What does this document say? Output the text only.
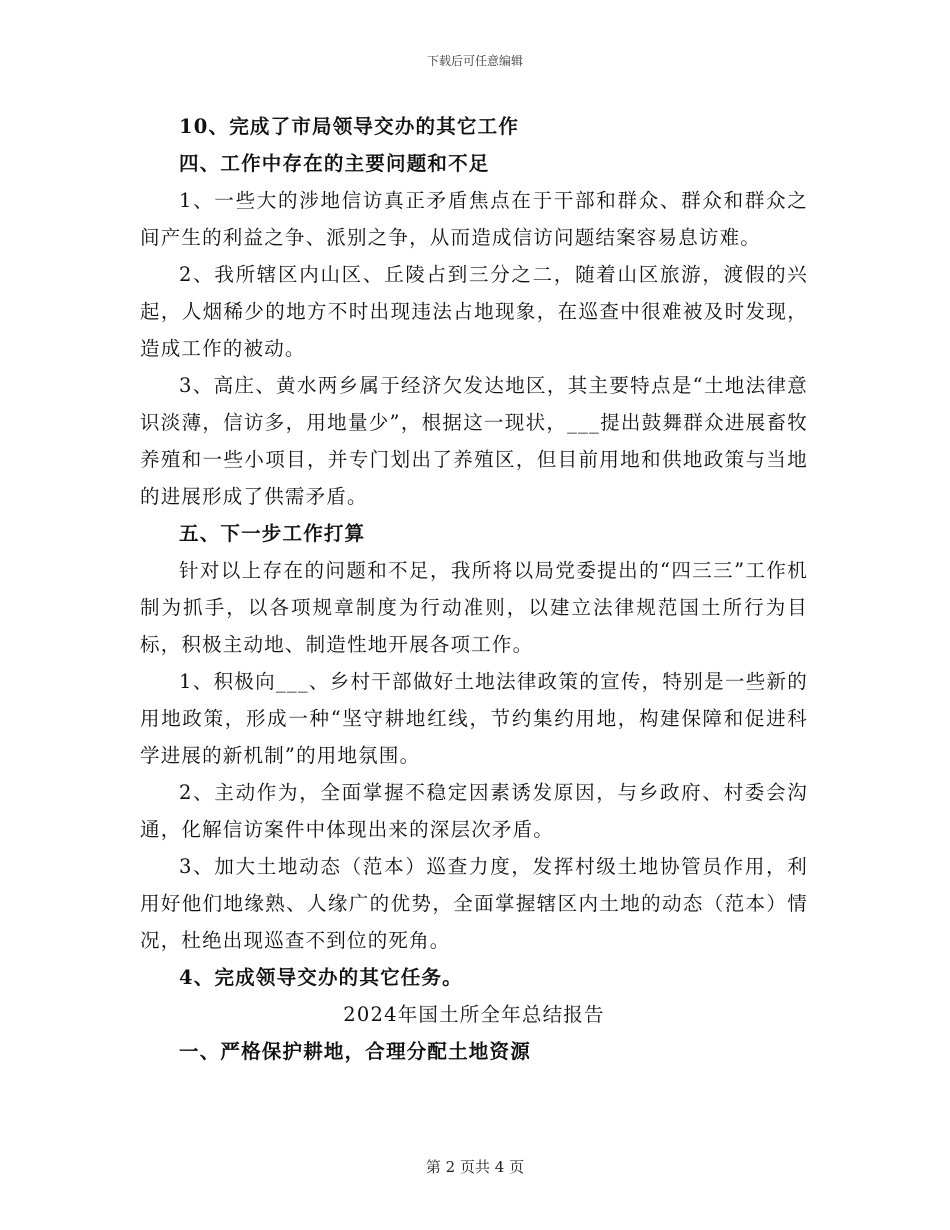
下载后可任意编辑

10、完成了市局领导交办的其它工作

四、工作中存在的主要问题和不足

1、一些大的涉地信访真正矛盾焦点在于干部和群众、群众和群众之间产生的利益之争、派别之争，从而造成信访问题结案容易息访难。

2、我所辖区内山区、丘陵占到三分之二，随着山区旅游，渡假的兴起，人烟稀少的地方不时出现违法占地现象，在巡查中很难被及时发现，造成工作的被动。

3、高庄、黄水两乡属于经济欠发达地区，其主要特点是“土地法律意识淡薄，信访多，用地量少”，根据这一现状，___提出鼓舞群众进展畜牧养殖和一些小项目，并专门划出了养殖区，但目前用地和供地政策与当地的进展形成了供需矛盾。

五、下一步工作打算

针对以上存在的问题和不足，我所将以局党委提出的“四三三”工作机制为抓手，以各项规章制度为行动准则，以建立法律规范国土所行为目标，积极主动地、制造性地开展各项工作。

1、积极向___、乡村干部做好土地法律政策的宣传，特别是一些新的用地政策，形成一种“坚守耕地红线，节约集约用地，构建保障和促进科学进展的新机制”的用地氛围。

2、主动作为，全面掌握不稳定因素诱发原因，与乡政府、村委会沟通，化解信访案件中体现出来的深层次矛盾。

3、加大土地动态（范本）巡查力度，发挥村级土地协管员作用，利用好他们地缘熟、人缘广的优势，全面掌握辖区内土地的动态（范本）情况，杜绝出现巡查不到位的死角。

4、完成领导交办的其它任务。

2024年国土所全年总结报告

一、严格保护耕地，合理分配土地资源

第 2 页共 4 页
